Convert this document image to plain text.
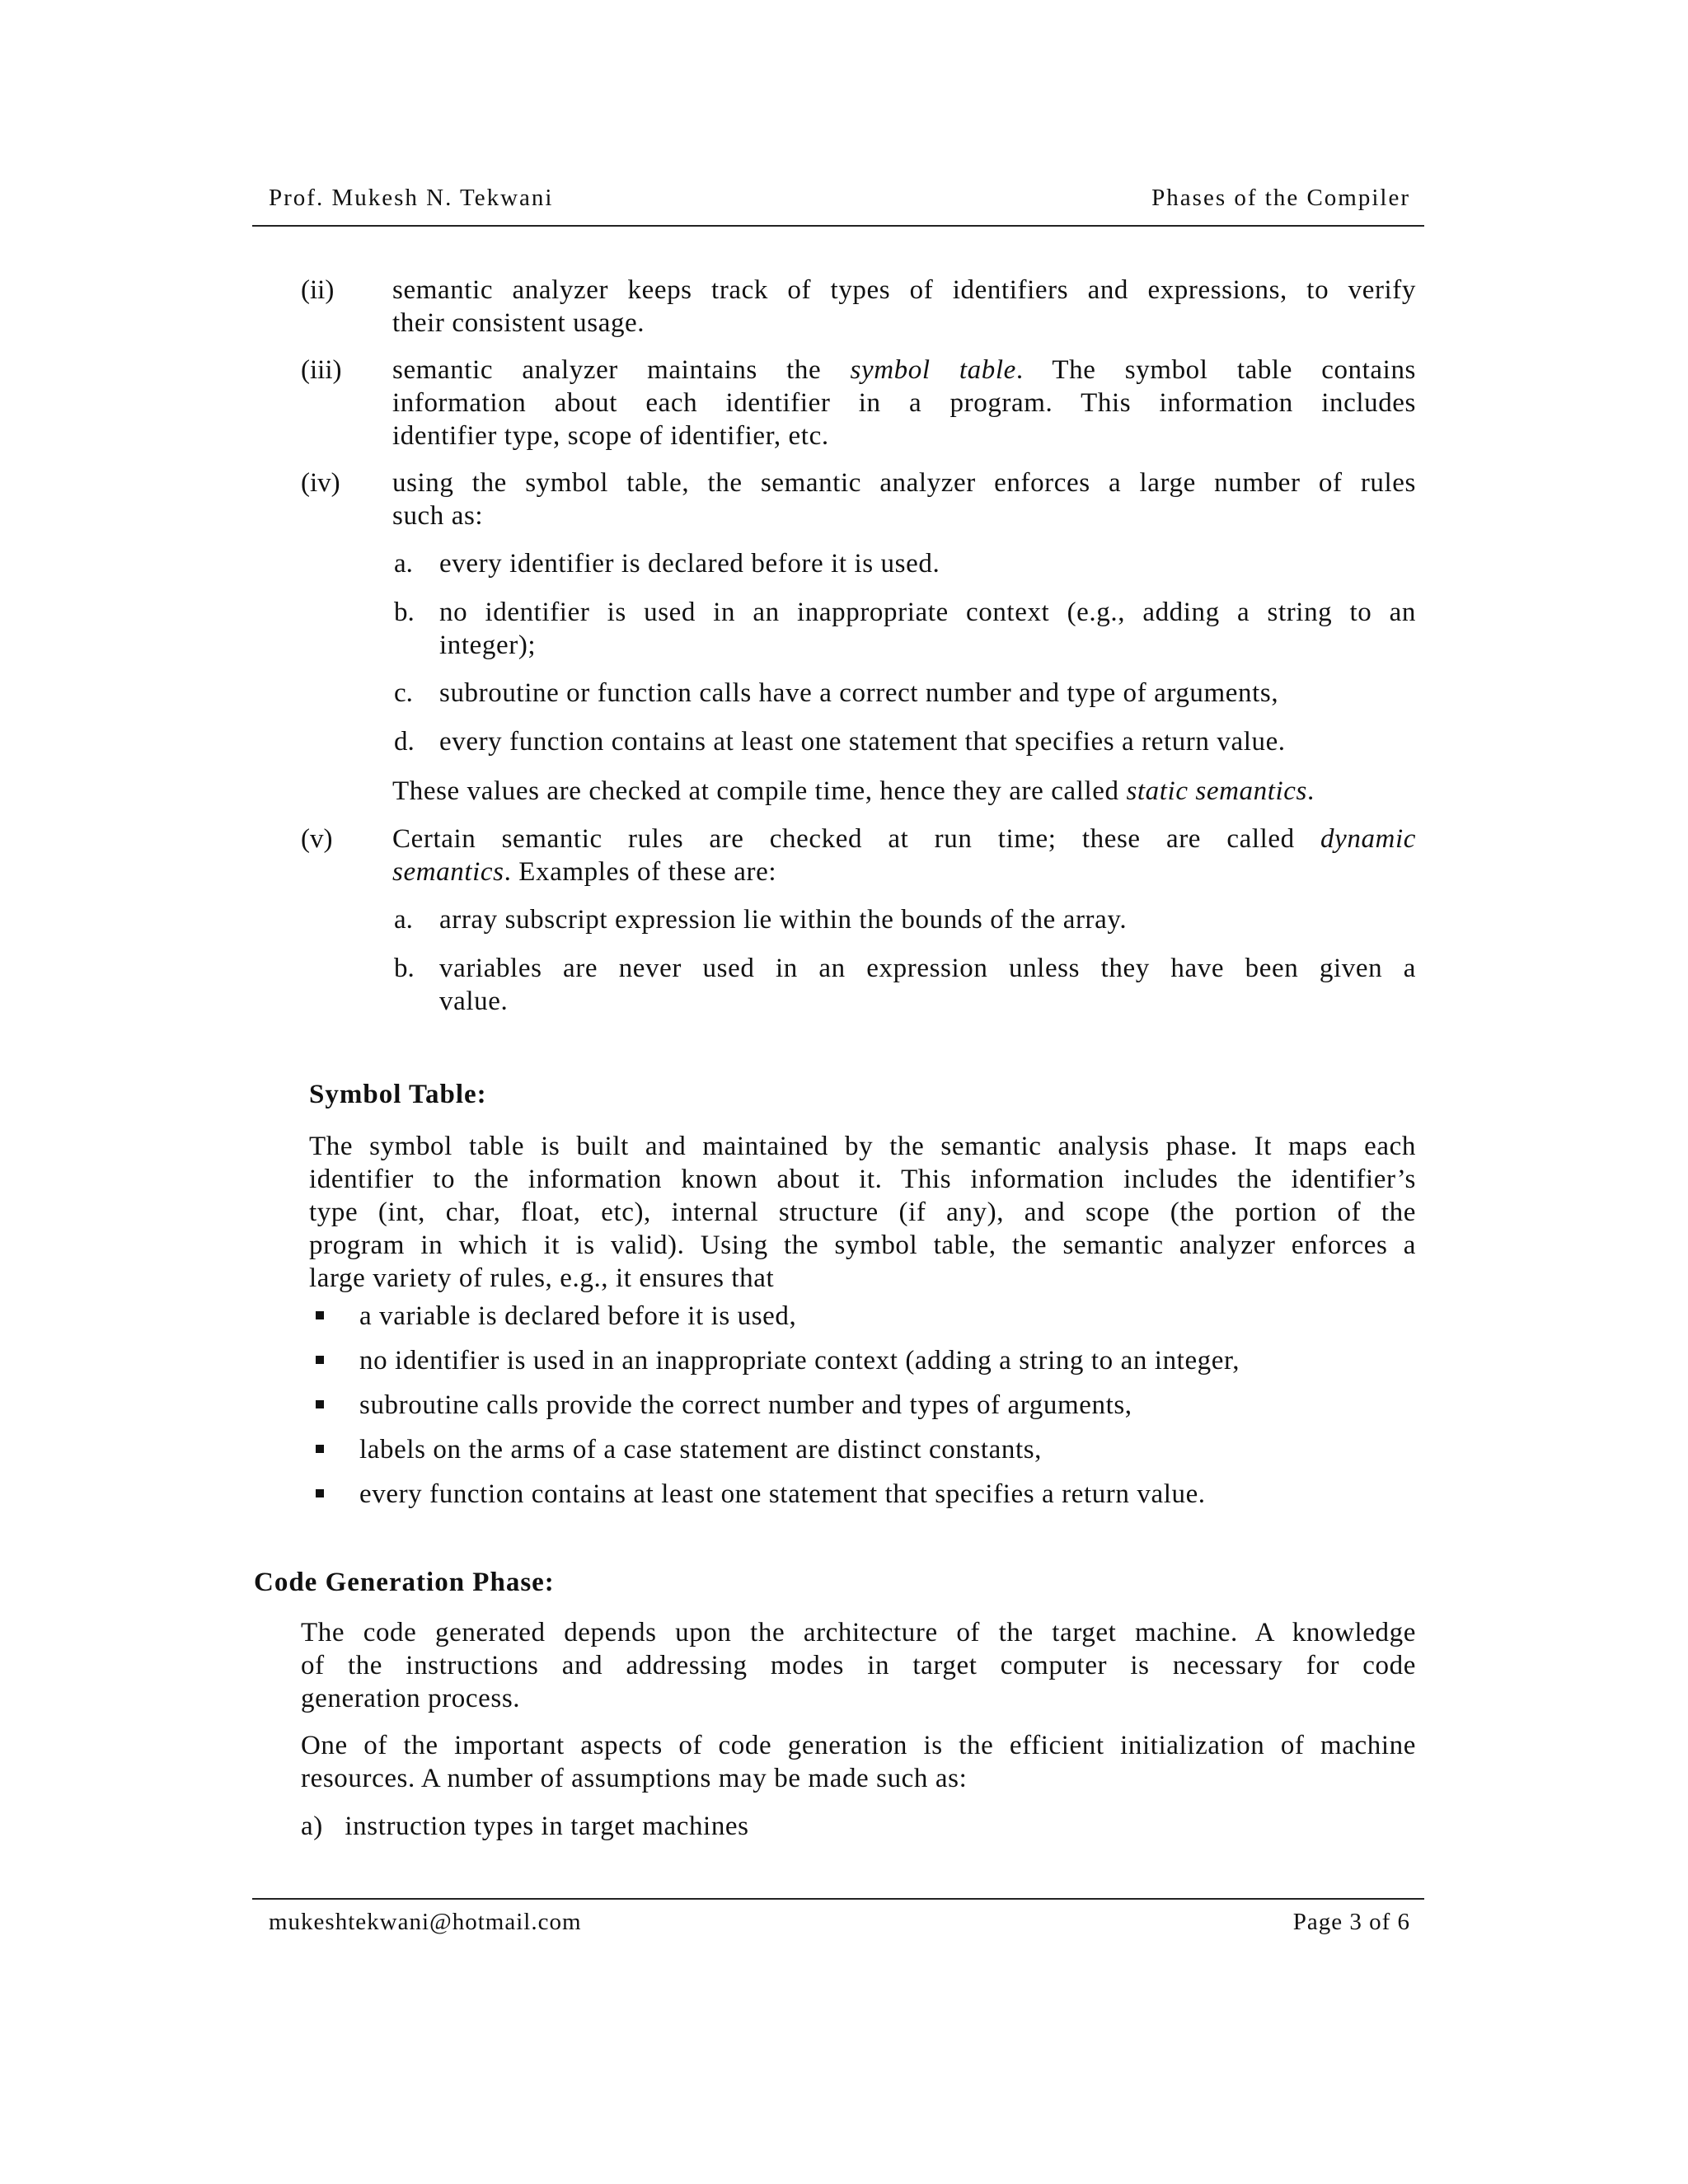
Prof. Mukesh N. Tekwani	Phases of the Compiler
(ii) semantic analyzer keeps track of types of identifiers and expressions, to verify
their consistent usage.
(iii) semantic analyzer maintains the symbol table. The symbol table contains
information about each identifier in a program. This information includes
identifier type, scope of identifier, etc.
(iv) using the symbol table, the semantic analyzer enforces a large number of rules
such as:
a. every identifier is declared before it is used.
b. no identifier is used in an inappropriate context (e.g., adding a string to an
integer);
c. subroutine or function calls have a correct number and type of arguments,
d. every function contains at least one statement that specifies a return value.
These values are checked at compile time, hence they are called static semantics.
(v) Certain semantic rules are checked at run time; these are called dynamic
semantics. Examples of these are:
a. array subscript expression lie within the bounds of the array.
b. variables are never used in an expression unless they have been given a
value.
Symbol Table:
The symbol table is built and maintained by the semantic analysis phase. It maps each
identifier to the information known about it. This information includes the identifier’s
type (int, char, float, etc), internal structure (if any), and scope (the portion of the
program in which it is valid). Using the symbol table, the semantic analyzer enforces a
large variety of rules, e.g., it ensures that
a variable is declared before it is used,
no identifier is used in an inappropriate context (adding a string to an integer,
subroutine calls provide the correct number and types of arguments,
labels on the arms of a case statement are distinct constants,
every function contains at least one statement that specifies a return value.
Code Generation Phase:
The code generated depends upon the architecture of the target machine. A knowledge
of the instructions and addressing modes in target computer is necessary for code
generation process.
One of the important aspects of code generation is the efficient initialization of machine
resources. A number of assumptions may be made such as:
a)   instruction types in target machines
mukeshtekwani@hotmail.com	Page 3 of 6
